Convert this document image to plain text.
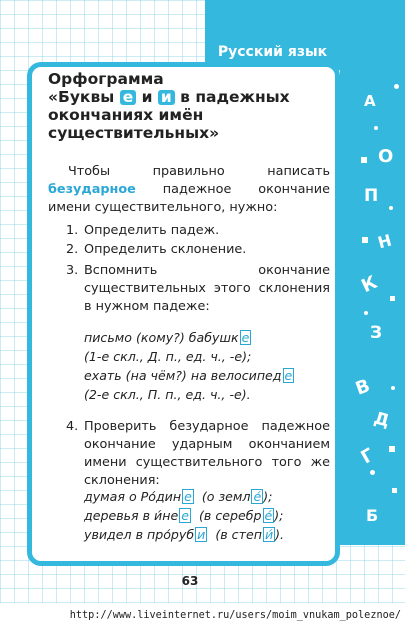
Русский язык
А
О
П
Н
К
З
В
Д
Г
Б
Орфограмма
«Буквы е и и в падежных
окончаниях имён
существительных»
Чтобы правильно написать безударное падежное окончание имени существительного, нужно:
1. Определить падеж.
2. Определить склонение.
3. Вспомнить окончание существительных этого склонения в нужном падеже:
письмо (кому?) бабушк е
(1-е скл., Д. п., ед. ч., -е);
ехать (на чём?) на велосипед е
(2-е скл., П. п., ед. ч., -е).
4. Проверить безударное падежное окончание ударным окончанием имени существительного того же склонения:
думая о Ро́дин е (о земл е́ );
деревья в и́не е (в серебр е́ );
увидел в про́руб и (в степ и́ ).
63
http://www.liveinternet.ru/users/moim_vnukam_poleznoe/
